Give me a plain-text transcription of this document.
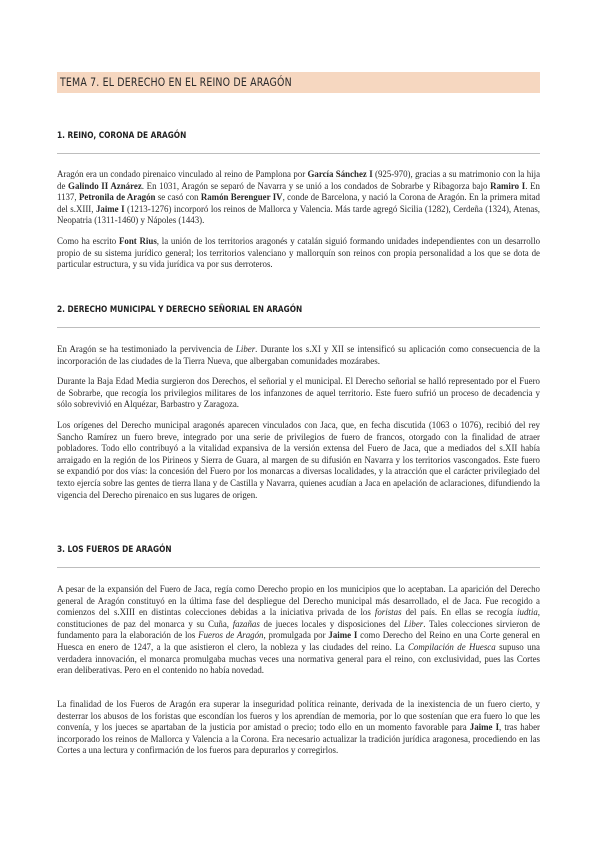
TEMA 7. EL DERECHO EN EL REINO DE ARAGÓN
1. REINO, CORONA DE ARAGÓN

Aragón era un condado pirenaico vinculado al reino de Pamplona por García Sánchez I (925-970), gracias a su matrimonio con la hija de Galindo II Aznárez. En 1031, Aragón se separó de Navarra y se unió a los condados de Sobrarbe y Ribagorza bajo Ramiro I. En 1137, Petronila de Aragón se casó con Ramón Berenguer IV, conde de Barcelona, y nació la Corona de Aragón. En la primera mitad del s.XIII, Jaime I (1213-1276) incorporó los reinos de Mallorca y Valencia. Más tarde agregó Sicilia (1282), Cerdeña (1324), Atenas, Neopatria (1311-1460) y Nápoles (1443).

Como ha escrito Font Rius, la unión de los territorios aragonés y catalán siguió formando unidades independientes con un desarrollo propio de su sistema jurídico general; los territorios valenciano y mallorquín son reinos con propia personalidad a los que se dota de particular estructura, y su vida jurídica va por sus derroteros.

2. DERECHO MUNICIPAL Y DERECHO SEÑORIAL EN ARAGÓN

En Aragón se ha testimoniado la pervivencia de Liber. Durante los s.XI y XII se intensificó su aplicación como consecuencia de la incorporación de las ciudades de la Tierra Nueva, que albergaban comunidades mozárabes.

Durante la Baja Edad Media surgieron dos Derechos, el señorial y el municipal. El Derecho señorial se halló representado por el Fuero de Sobrarbe, que recogía los privilegios militares de los infanzones de aquel territorio. Este fuero sufrió un proceso de decadencia y sólo sobrevivió en Alquézar, Barbastro y Zaragoza.

Los orígenes del Derecho municipal aragonés aparecen vinculados con Jaca, que, en fecha discutida (1063 o 1076), recibió del rey Sancho Ramírez un fuero breve, integrado por una serie de privilegios de fuero de francos, otorgado con la finalidad de atraer pobladores. Todo ello contribuyó a la vitalidad expansiva de la versión extensa del Fuero de Jaca, que a mediados del s.XII había arraigado en la región de los Pirineos y Sierra de Guara, al margen de su difusión en Navarra y los territorios vascongados. Este fuero se expandió por dos vías: la concesión del Fuero por los monarcas a diversas localidades, y la atracción que el carácter privilegiado del texto ejercía sobre las gentes de tierra llana y de Castilla y Navarra, quienes acudían a Jaca en apelación de aclaraciones, difundiendo la vigencia del Derecho pirenaico en sus lugares de origen.

3. LOS FUEROS DE ARAGÓN

A pesar de la expansión del Fuero de Jaca, regía como Derecho propio en los municipios que lo aceptaban. La aparición del Derecho general de Aragón constituyó en la última fase del despliegue del Derecho municipal más desarrollado, el de Jaca. Fue recogido a comienzos del s.XIII en distintas colecciones debidas a la iniciativa privada de los foristas del país. En ellas se recogía iudtia, constituciones de paz del monarca y su Cuña, fazañas de jueces locales y disposiciones del Liber. Tales colecciones sirvieron de fundamento para la elaboración de los Fueros de Aragón, promulgada por Jaime I como Derecho del Reino en una Corte general en Huesca en enero de 1247, a la que asistieron el clero, la nobleza y las ciudades del reino. La Compilación de Huesca supuso una verdadera innovación, el monarca promulgaba muchas veces una normativa general para el reino, con exclusividad, pues las Cortes eran deliberativas. Pero en el contenido no había novedad.

La finalidad de los Fueros de Aragón era superar la inseguridad política reinante, derivada de la inexistencia de un fuero cierto, y desterrar los abusos de los foristas que escondían los fueros y los aprendían de memoria, por lo que sostenían que era fuero lo que les convenía, y los jueces se apartaban de la justicia por amistad o precio; todo ello en un momento favorable para Jaime I, tras haber incorporado los reinos de Mallorca y Valencia a la Corona. Era necesario actualizar la tradición jurídica aragonesa, procediendo en las Cortes a una lectura y confirmación de los fueros para depurarlos y corregirlos.
